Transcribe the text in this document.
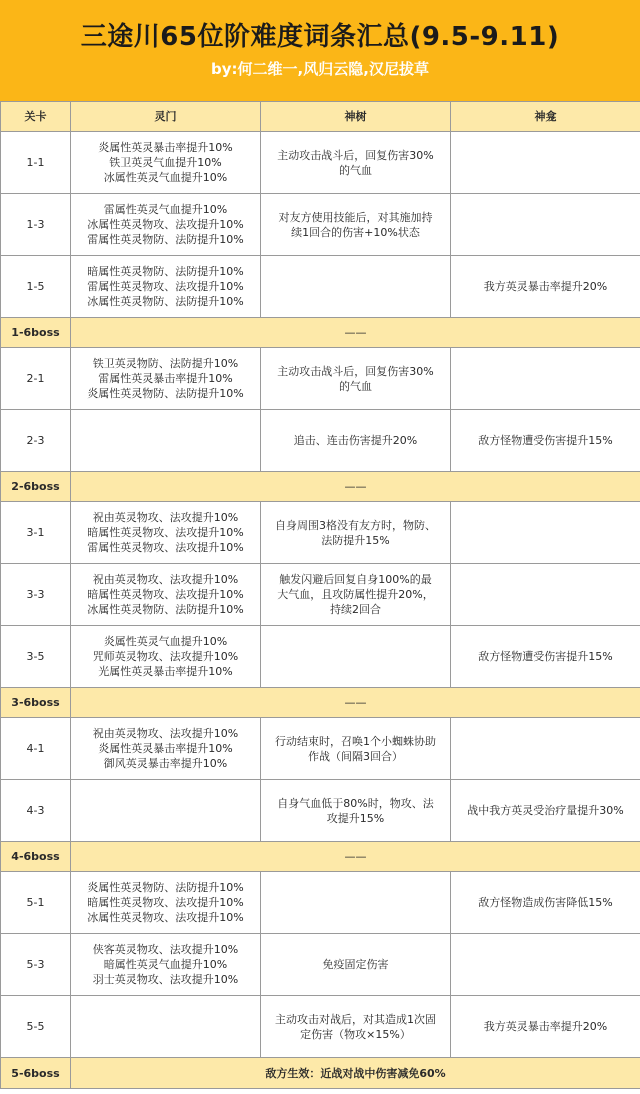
三途川65位阶难度词条汇总(9.5-9.11)
by:何二维一,风归云隐,汉尼拔草
关卡	灵门	神树	神龛
1-1	炎属性英灵暴击率提升10%
铁卫英灵气血提升10%
冰属性英灵气血提升10%	主动攻击战斗后，回复伤害30%的气血	
1-3	雷属性英灵气血提升10%
冰属性英灵物攻、法攻提升10%
雷属性英灵物防、法防提升10%	对友方使用技能后，对其施加持续1回合的伤害+10%状态	
1-5	暗属性英灵物防、法防提升10%
雷属性英灵物攻、法攻提升10%
冰属性英灵物防、法防提升10%		我方英灵暴击率提升20%
1-6boss	——		
2-1	铁卫英灵物防、法防提升10%
雷属性英灵暴击率提升10%
炎属性英灵物防、法防提升10%	主动攻击战斗后，回复伤害30%的气血	
2-3		追击、连击伤害提升20%	敌方怪物遭受伤害提升15%
2-6boss	——		
3-1	祝由英灵物攻、法攻提升10%
暗属性英灵物攻、法攻提升10%
雷属性英灵物攻、法攻提升10%	自身周围3格没有友方时，物防、法防提升15%	
3-3	祝由英灵物攻、法攻提升10%
暗属性英灵物攻、法攻提升10%
冰属性英灵物防、法防提升10%	触发闪避后回复自身100%的最大气血，且攻防属性提升20%，持续2回合	
3-5	炎属性英灵气血提升10%
咒师英灵物攻、法攻提升10%
光属性英灵暴击率提升10%		敌方怪物遭受伤害提升15%
3-6boss	——		
4-1	祝由英灵物攻、法攻提升10%
炎属性英灵暴击率提升10%
御风英灵暴击率提升10%	行动结束时，召唤1个小蜘蛛协助作战（间隔3回合）	
4-3		自身气血低于80%时，物攻、法攻提升15%	战中我方英灵受治疗量提升30%
4-6boss	——		
5-1	炎属性英灵物防、法防提升10%
暗属性英灵物攻、法攻提升10%
冰属性英灵物攻、法攻提升10%		敌方怪物造成伤害降低15%
5-3	侠客英灵物攻、法攻提升10%
暗属性英灵气血提升10%
羽士英灵物攻、法攻提升10%	免疫固定伤害	
5-5		主动攻击对战后，对其造成1次固定伤害（物攻×15%）	我方英灵暴击率提升20%
5-6boss	敌方生效：近战对战中伤害减免60%		
